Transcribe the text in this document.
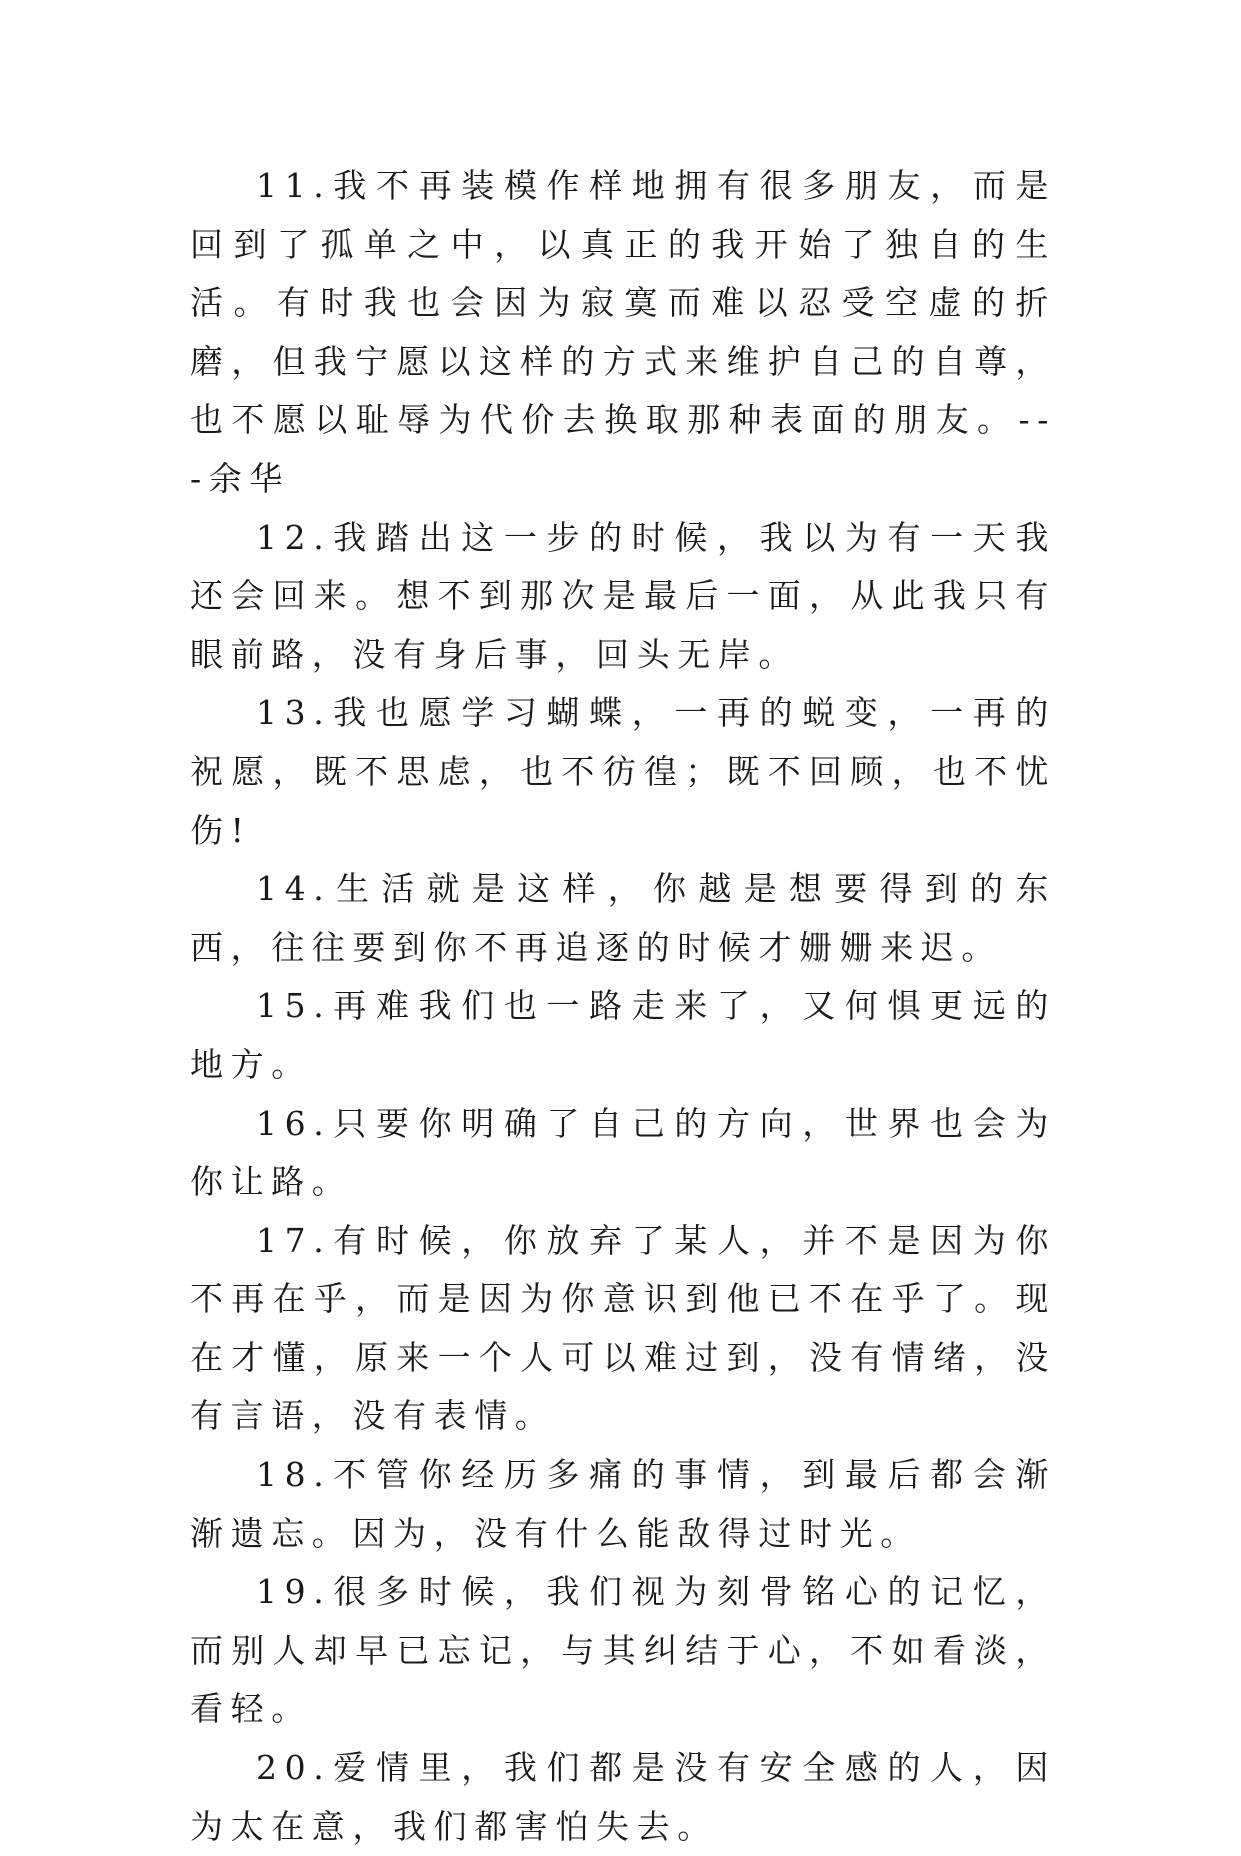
11.我不再装模作样地拥有很多朋友，而是回到了孤单之中，以真正的我开始了独自的生活。有时我也会因为寂寞而难以忍受空虚的折磨，但我宁愿以这样的方式来维护自己的自尊，也不愿以耻辱为代价去换取那种表面的朋友。---余华

12.我踏出这一步的时候，我以为有一天我还会回来。想不到那次是最后一面，从此我只有眼前路，没有身后事，回头无岸。

13.我也愿学习蝴蝶，一再的蜕变，一再的祝愿，既不思虑，也不彷徨；既不回顾，也不忧伤!

14.生活就是这样，你越是想要得到的东西，往往要到你不再追逐的时候才姗姗来迟。

15.再难我们也一路走来了，又何惧更远的地方。

16.只要你明确了自己的方向，世界也会为你让路。

17.有时候，你放弃了某人，并不是因为你不再在乎，而是因为你意识到他已不在乎了。现在才懂，原来一个人可以难过到，没有情绪，没有言语，没有表情。

18.不管你经历多痛的事情，到最后都会渐渐遗忘。因为，没有什么能敌得过时光。

19.很多时候，我们视为刻骨铭心的记忆，而别人却早已忘记，与其纠结于心，不如看淡，看轻。

20.爱情里，我们都是没有安全感的人，因为太在意，我们都害怕失去。
